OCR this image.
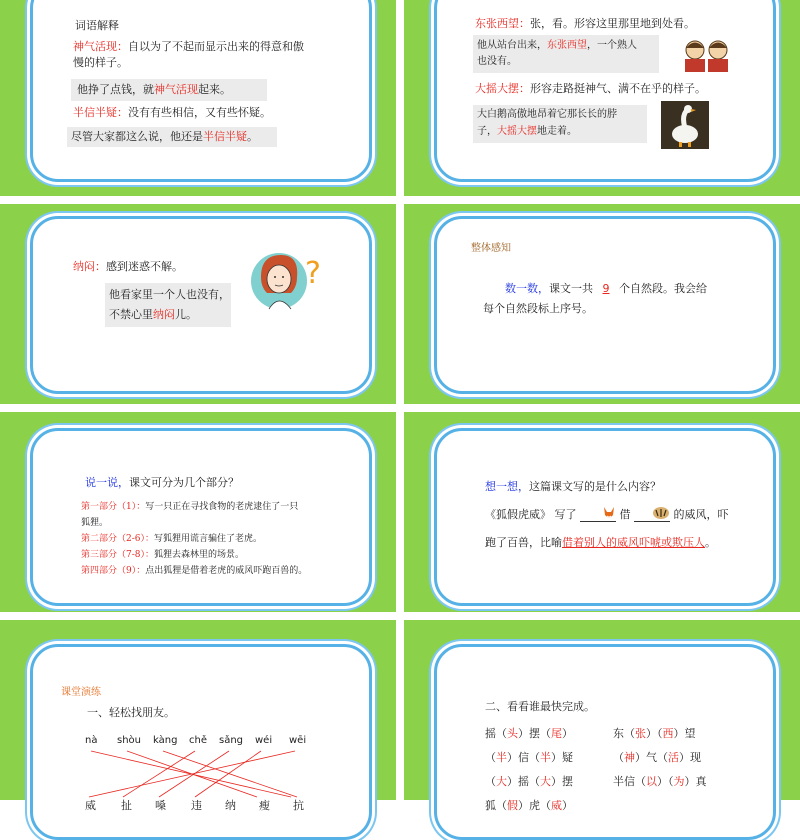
词语解释
神气活现：自以为了不起而显示出来的得意和傲
慢的样子。
他挣了点钱，就神气活现起来。
半信半疑：没有有些相信，又有些怀疑。
尽管大家都这么说，他还是半信半疑。
东张西望：张，看。形容这里那里地到处看。
他从站台出来，东张西望，一个熟人
也没有。
大摇大摆：形容走路挺神气、满不在乎的样子。
大白鹅高傲地昂着它那长长的脖
子，大摇大摆地走着。
纳闷：感到迷惑不解。
他看家里一个人也没有，
不禁心里纳闷儿。
?
整体感知
数一数，课文一共 9 个自然段。我会给
每个自然段标上序号。
说一说，课文可分为几个部分？
第一部分（1）：写一只正在寻找食物的老虎逮住了一只
狐狸。
第二部分（2-6）：写狐狸用谎言骗住了老虎。
第三部分（7-8）：狐狸去森林里的场景。
第四部分（9）：点出狐狸是借着老虎的威风吓跑百兽的。
想一想，这篇课文写的是什么内容？
《狐假虎威》 写了	借	的威风，吓
跑了百兽，比喻借着别人的威风吓唬或欺压人。
课堂演练
一、轻松找朋友。
nà shòu kàng chě sǎng wéi wēi
威 扯 嗓 违 纳 瘦 抗
二、看看谁最快完成。
摇（头）摆（尾）
（半）信（半）疑
（大）摇（大）摆
狐（假）虎（威）
东（张）（西）望
（神）气（活）现
半信（以）（为）真
